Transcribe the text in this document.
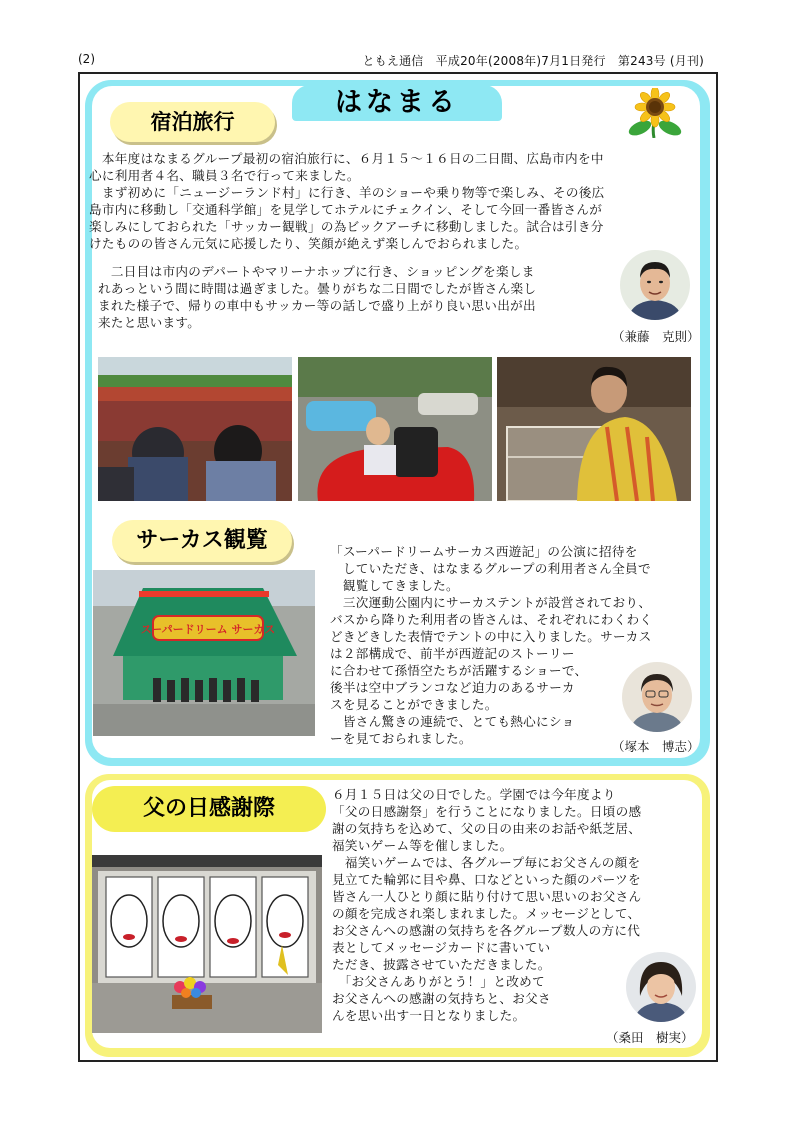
(2)	ともえ通信　平成20年(2008年)7月1日発行　第243号 (月刊)
はなまる
宿泊旅行
　本年度はなまるグループ最初の宿泊旅行に、６月１５～１６日の二日間、広島市内を中
心に利用者４名、職員３名で行って来ました。
　まず初めに「ニュージーランド村」に行き、羊のショーや乗り物等で楽しみ、その後広
島市内に移動し「交通科学館」を見学してホテルにチェクイン、そして今回一番皆さんが
楽しみにしておられた「サッカー観戦」の為ビックアーチに移動しました。試合は引き分
けたものの皆さん元気に応援したり、笑顔が絶えず楽しんでおられました。
　二日目は市内のデパートやマリーナホップに行き、ショッピングを楽しま
れあっという間に時間は過ぎました。曇りがちな二日間でしたが皆さん楽し
まれた様子で、帰りの車中もサッカー等の話しで盛り上がり良い思い出が出
来たと思います。
（兼藤　克則）
サーカス観覧
スーパードリーム サーカス
「スーパードリームサーカス西遊記」の公演に招待を
　していただき、はなまるグループの利用者さん全員で
　観覧してきました。
　三次運動公園内にサーカステントが設営されており、
バスから降りた利用者の皆さんは、それぞれにわくわく
どきどきした表情でテントの中に入りました。サーカス
は２部構成で、前半が西遊記のストーリー
に合わせて孫悟空たちが活躍するショーで、
後半は空中ブランコなど迫力のあるサーカ
スを見ることができました。
　皆さん驚きの連続で、とても熱心にショ
ーを見ておられました。
（塚本　博志）
父の日感謝際
６月１５日は父の日でした。学園では今年度より
「父の日感謝祭」を行うことになりました。日頃の感
謝の気持ちを込めて、父の日の由来のお話や紙芝居、
福笑いゲーム等を催しました。
　福笑いゲームでは、各グループ毎にお父さんの顔を
見立てた輪郭に目や鼻、口などといった顔のパーツを
皆さん一人ひとり顔に貼り付けて思い思いのお父さん
の顔を完成され楽しまれました。メッセージとして、
お父さんへの感謝の気持ちを各グループ数人の方に代
表としてメッセージカードに書いてい
ただき、披露させていただきました。
　「お父さんありがとう！」と改めて
お父さんへの感謝の気持ちと、お父さ
んを思い出す一日となりました。
（桑田　樹実）
